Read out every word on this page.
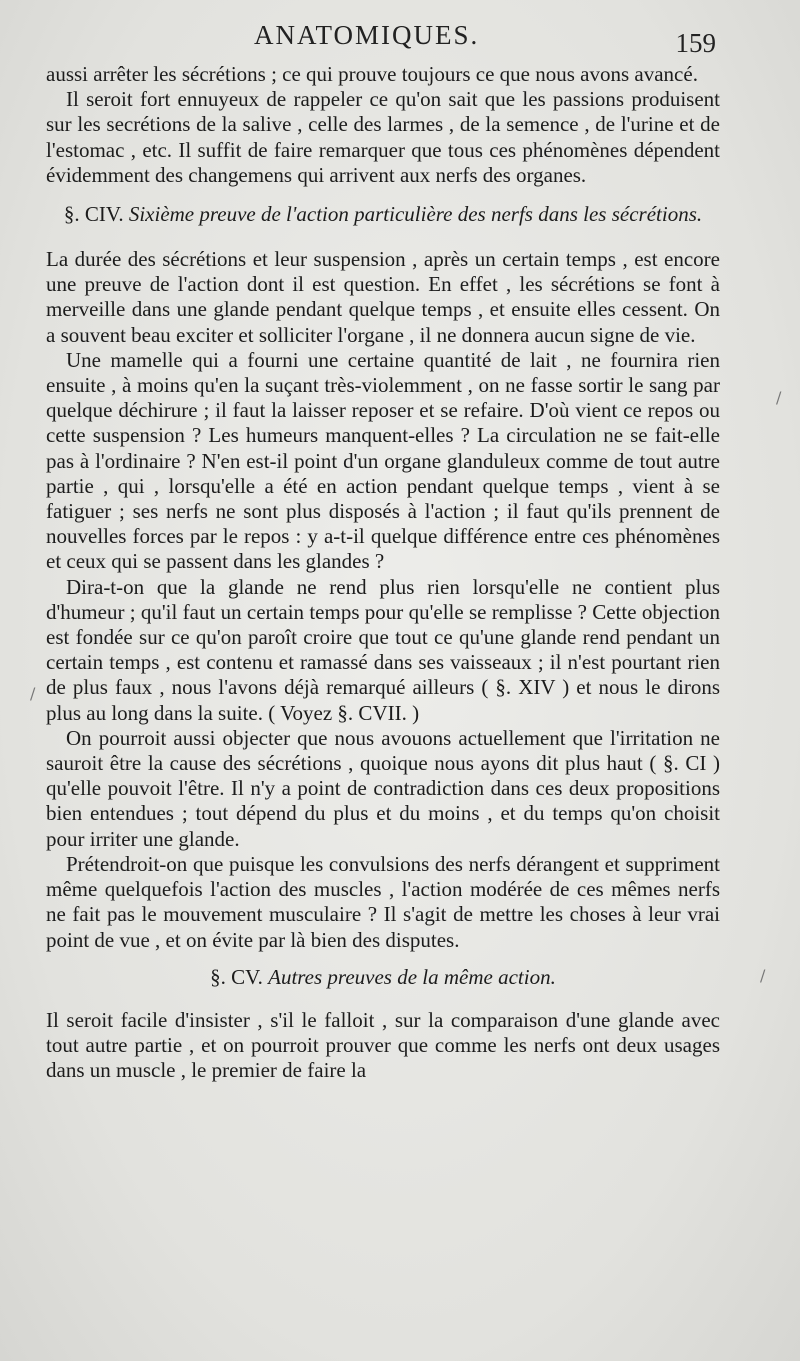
ANATOMIQUES.	159

aussi arrêter les sécrétions ; ce qui prouve toujours ce que nous avons avancé.

Il seroit fort ennuyeux de rappeler ce qu'on sait que les passions produisent sur les secrétions de la salive , celle des larmes , de la semence , de l'urine et de l'estomac , etc. Il suffit de faire remarquer que tous ces phénomènes dépendent évidemment des changemens qui arrivent aux nerfs des organes.

§. CIV. Sixième preuve de l'action particulière des nerfs dans les sécrétions.

La durée des sécrétions et leur suspension , après un certain temps , est encore une preuve de l'action dont il est question. En effet , les sécrétions se font à merveille dans une glande pendant quelque temps , et ensuite elles cessent. On a souvent beau exciter et solliciter l'organe , il ne donnera aucun signe de vie.

Une mamelle qui a fourni une certaine quantité de lait , ne fournira rien ensuite , à moins qu'en la suçant très-violemment , on ne fasse sortir le sang par quelque déchirure ; il faut la laisser reposer et se refaire. D'où vient ce repos ou cette suspension ? Les humeurs manquent-elles ? La circulation ne se fait-elle pas à l'ordinaire ? N'en est-il point d'un organe glanduleux comme de tout autre partie , qui , lorsqu'elle a été en action pendant quelque temps , vient à se fatiguer ; ses nerfs ne sont plus disposés à l'action ; il faut qu'ils prennent de nouvelles forces par le repos : y a-t-il quelque différence entre ces phénomènes et ceux qui se passent dans les glandes ?

Dira-t-on que la glande ne rend plus rien lorsqu'elle ne contient plus d'humeur ; qu'il faut un certain temps pour qu'elle se remplisse ? Cette objection est fondée sur ce qu'on paroît croire que tout ce qu'une glande rend pendant un certain temps , est contenu et ramassé dans ses vaisseaux ; il n'est pourtant rien de plus faux , nous l'avons déjà remarqué ailleurs ( §. XIV ) et nous le dirons plus au long dans la suite. ( Voyez §. CVII. )

On pourroit aussi objecter que nous avouons actuellement que l'irritation ne sauroit être la cause des sécrétions , quoique nous ayons dit plus haut ( §. CI ) qu'elle pouvoit l'être. Il n'y a point de contradiction dans ces deux propositions bien entendues ; tout dépend du plus et du moins , et du temps qu'on choisit pour irriter une glande.

Prétendroit-on que puisque les convulsions des nerfs dérangent et suppriment même quelquefois l'action des muscles , l'action modérée de ces mêmes nerfs ne fait pas le mouvement musculaire ? Il s'agit de mettre les choses à leur vrai point de vue , et on évite par là bien des disputes.

§. CV. Autres preuves de la même action.

Il seroit facile d'insister , s'il le falloit , sur la comparaison d'une glande avec tout autre partie , et on pourroit prouver que comme les nerfs ont deux usages dans un muscle , le premier de faire la

/
/
/
